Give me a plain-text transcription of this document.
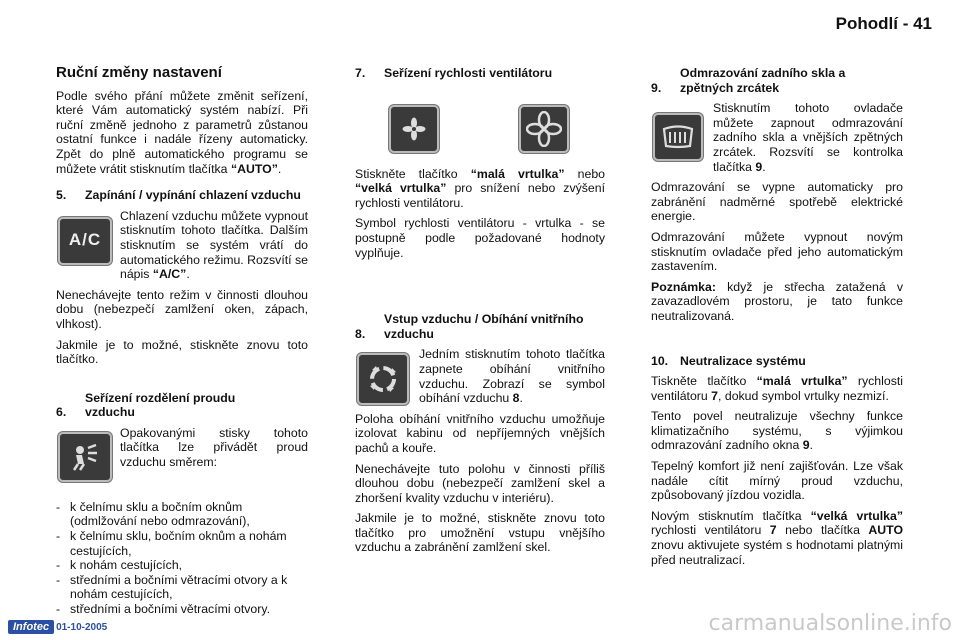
Pohodlí - 41
Ruční změny nastavení

Podle svého přání můžete změnit seřízení, které Vám automatický systém nabízí. Při ruční změně jednoho z parametrů zůstanou ostatní funkce i nadále řízeny automaticky. Zpět do plně automatického programu se můžete vrátit stisknutím tlačítka “AUTO”.

5. Zapínání / vypínání chlazení vzduchu
A/C

Chlazení vzduchu můžete vypnout stisknutím tohoto tlačítka. Dalším stisknutím se systém vrátí do automatického režimu. Rozsvítí se nápis “A/C”.

Nenechávejte tento režim v činnosti dlouhou dobu (nebezpečí zamlžení oken, zápach, vlhkost).

Jakmile je to možné, stiskněte znovu toto tlačítko.

6.Seřízení rozdělení proudu vzduchu

Opakovanými stisky tohoto tlačítka lze přivádět proud vzduchu směrem:

- k čelnímu sklu a bočním oknům (odmlžování nebo odmrazování),
- k čelnímu sklu, bočním oknům a nohám cestujících,
- k nohám cestujících,
- středními a bočními větracími otvory a k nohám cestujících,
- středními a bočními větracími otvory.
7. Seřízení rychlosti ventilátoru

Stiskněte tlačítko “malá vrtulka” nebo “velká vrtulka” pro snížení nebo zvýšení rychlosti ventilátoru.

Symbol rychlosti ventilátoru - vrtulka - se postupně podle požadované hodnoty vyplňuje.

8.Vstup vzduchu / Obíhání vnitřního vzduchu

Jedním stisknutím tohoto tlačítka zapnete obíhání vnitřního vzduchu. Zobrazí se symbol obíhání vzduchu 8.

Poloha obíhání vnitřního vzduchu umožňuje izolovat kabinu od nepříjemných vnějších pachů a kouře.

Nenechávejte tuto polohu v činnosti příliš dlouhou dobu (nebezpečí zamlžení skel a zhoršení kvality vzduchu v interiéru).

Jakmile je to možné, stiskněte znovu toto tlačítko pro umožnění vstupu vnějšího vzduchu a zabránění zamlžení skel.

9.Odmrazování zadního skla a zpětných zrcátek

Stisknutím tohoto ovladače můžete zapnout odmrazování zadního skla a vnějších zpětných zrcátek. Rozsvítí se kontrolka tlačítka 9.

Odmrazování se vypne automaticky pro zabránění nadměrné spotřebě elektrické energie.

Odmrazování můžete vypnout novým stisknutím ovladače před jeho automatickým zastavením.

Poznámka: když je střecha zatažená v zavazadlovém prostoru, je tato funkce neutralizovaná.

10. Neutralizace systému

Tiskněte tlačítko “malá vrtulka” rychlosti ventilátoru 7, dokud symbol vrtulky nezmizí.

Tento povel neutralizuje všechny funkce klimatizačního systému, s výjimkou odmrazování zadního okna 9.

Tepelný komfort již není zajišťován. Lze však nadále cítit mírný proud vzduchu, způsobovaný jízdou vozidla.

Novým stisknutím tlačítka “velká vrtulka” rychlosti ventilátoru 7 nebo tlačítka AUTO znovu aktivujete systém s hodnotami platnými před neutralizací.

Infotec 01-10-2005	carmanualsonline.info
